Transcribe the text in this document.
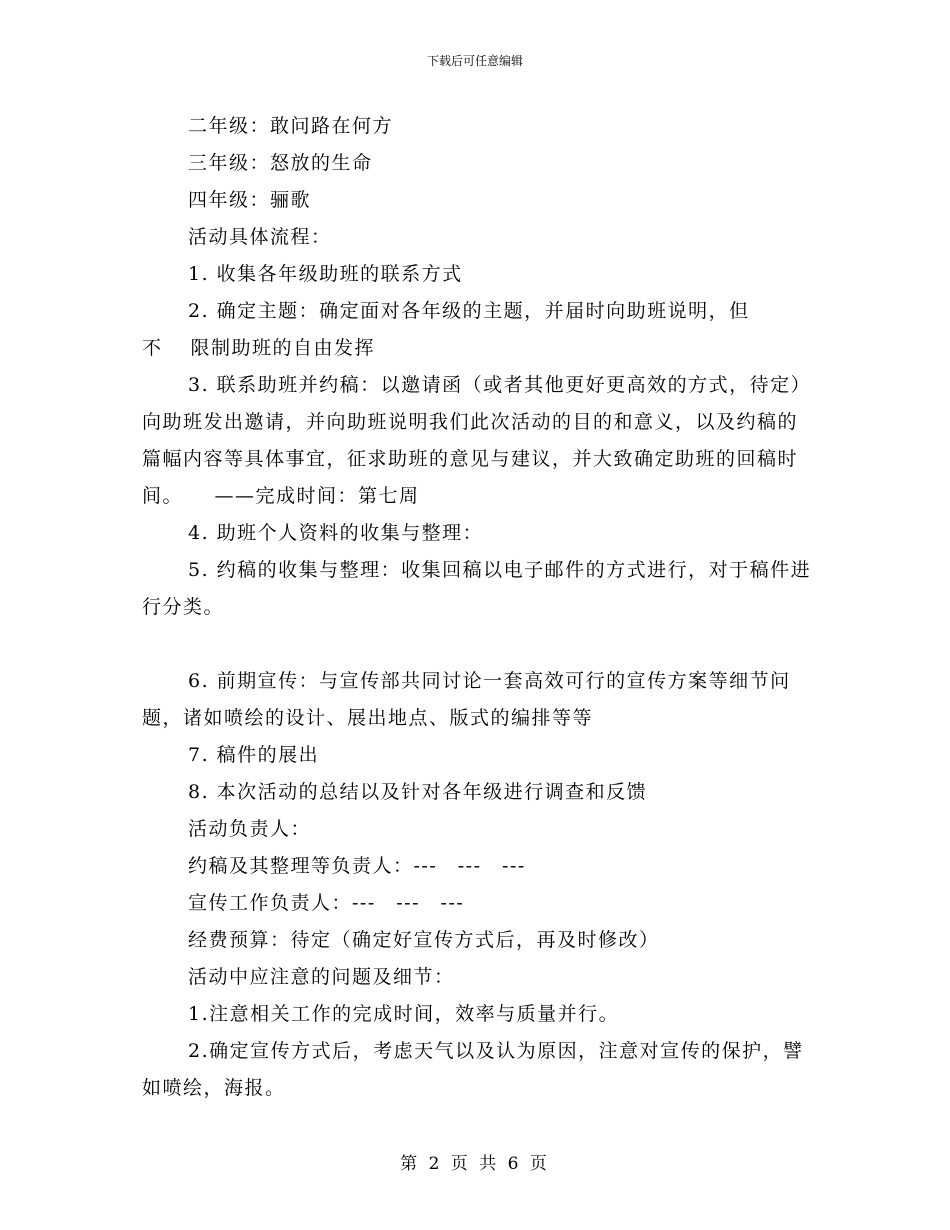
下载后可任意编辑

二年级：敢问路在何方

三年级：怒放的生命

四年级：骊歌

活动具体流程：

1. 收集各年级助班的联系方式

2. 确定主题：确定面对各年级的主题，并届时向助班说明，但

不　 限制助班的自由发挥

3. 联系助班并约稿：以邀请函（或者其他更好更高效的方式，待定）向助班发出邀请，并向助班说明我们此次活动的目的和意义，以及约稿的篇幅内容等具体事宜，征求助班的意见与建议，并大致确定助班的回稿时间。　　——完成时间：第七周

4. 助班个人资料的收集与整理：

5. 约稿的收集与整理：收集回稿以电子邮件的方式进行，对于稿件进行分类。

6. 前期宣传：与宣传部共同讨论一套高效可行的宣传方案等细节问题，诸如喷绘的设计、展出地点、版式的编排等等

7. 稿件的展出

8. 本次活动的总结以及针对各年级进行调查和反馈

活动负责人：

约稿及其整理等负责人：---　---　---

宣传工作负责人：---　---　---

经费预算：待定（确定好宣传方式后，再及时修改）

活动中应注意的问题及细节：

1.注意相关工作的完成时间，效率与质量并行。

2.确定宣传方式后，考虑天气以及认为原因，注意对宣传的保护，譬如喷绘，海报。

第 2 页 共 6 页
